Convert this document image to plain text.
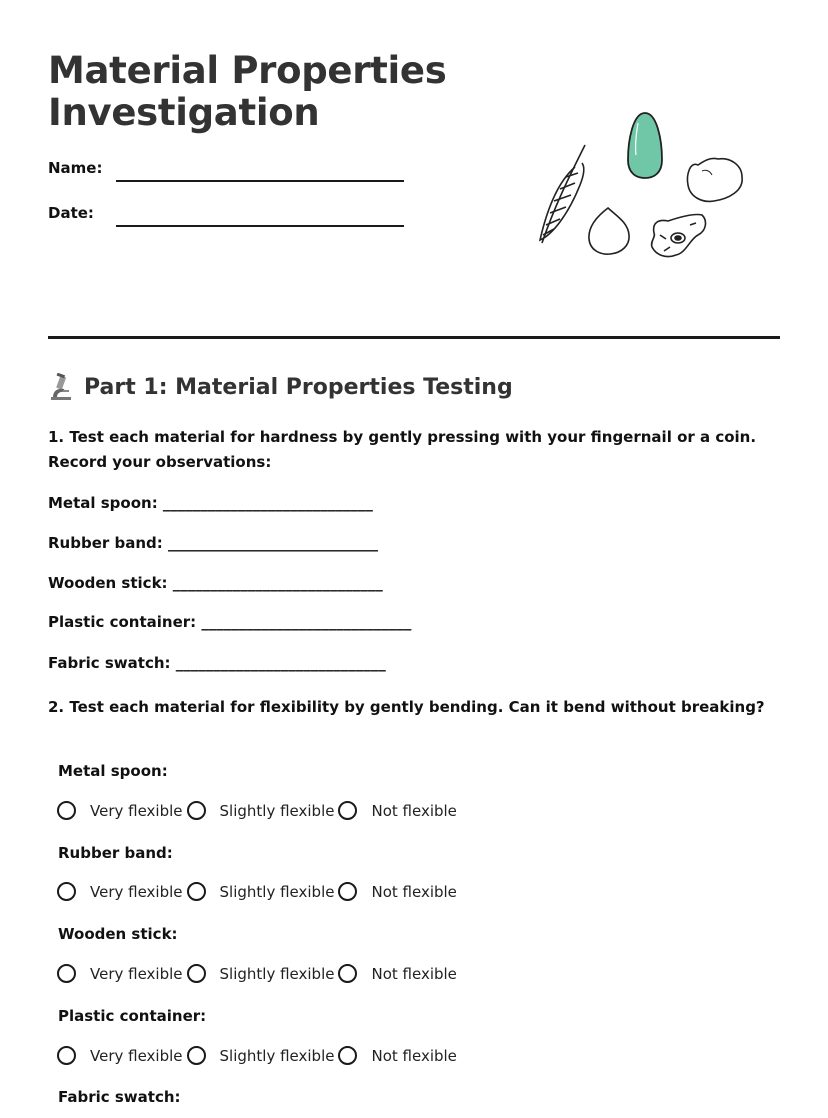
Material Properties
Investigation
Name:
Date:
Part 1: Material Properties Testing
1. Test each material for hardness by gently pressing with your fingernail or a coin. Record your observations:
Metal spoon: ____________________________
Rubber band: ____________________________
Wooden stick: ____________________________
Plastic container: ____________________________
Fabric swatch: ____________________________
2. Test each material for flexibility by gently bending. Can it bend without breaking?
Metal spoon:
Very flexible Slightly flexible Not flexible
Rubber band:
Very flexible Slightly flexible Not flexible
Wooden stick:
Very flexible Slightly flexible Not flexible
Plastic container:
Very flexible Slightly flexible Not flexible
Fabric swatch:
